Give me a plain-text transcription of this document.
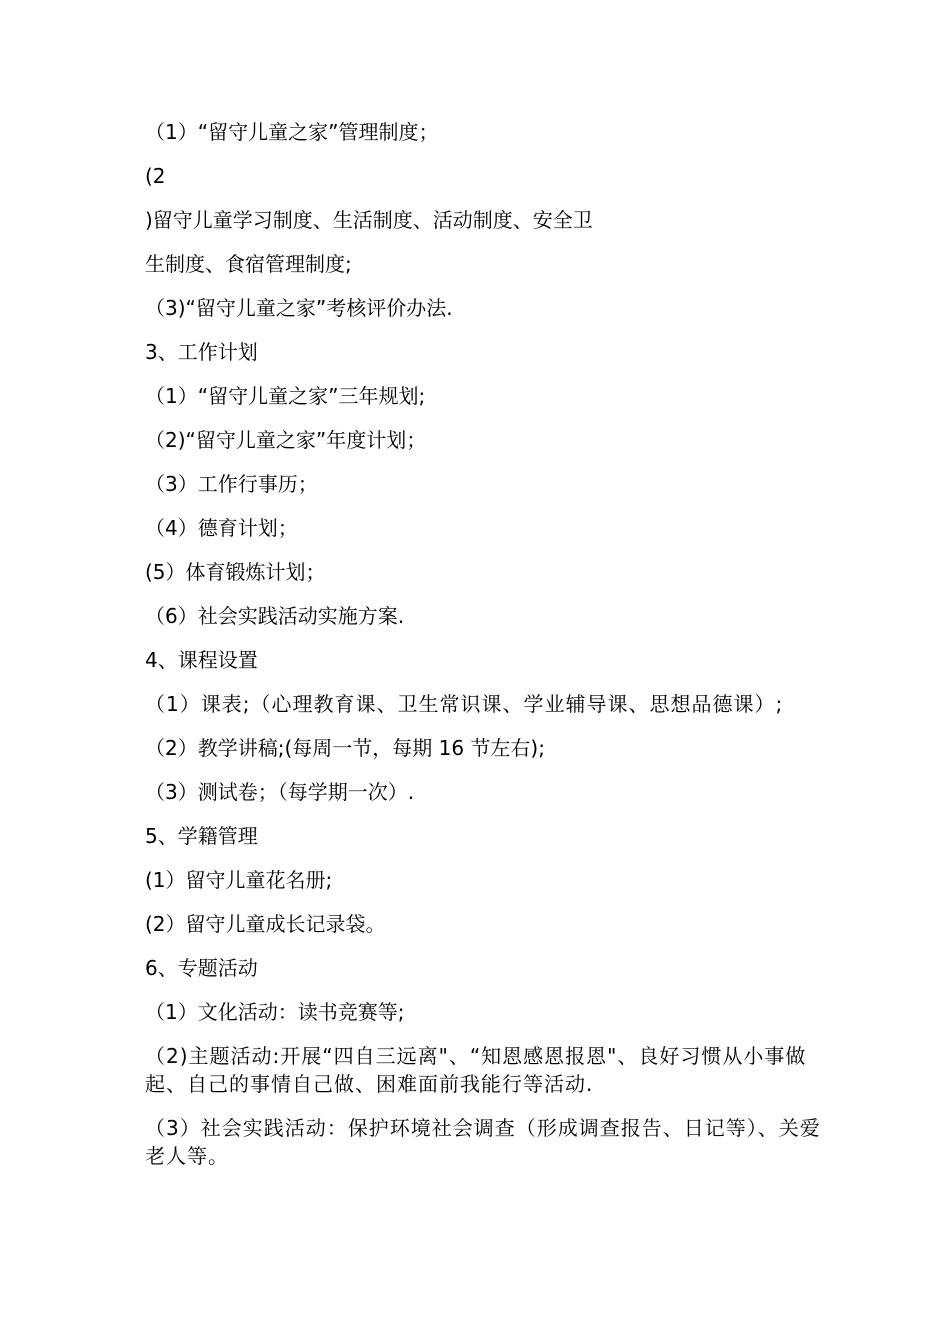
（1）“留守儿童之家”管理制度；

(2

)留守儿童学习制度、生活制度、活动制度、安全卫

生制度、食宿管理制度;

（3)“留守儿童之家”考核评价办法.

3、工作计划

（1）“留守儿童之家”三年规划;

（2)“留守儿童之家”年度计划；

（3）工作行事历；

（4）德育计划；

(5）体育锻炼计划；

（6）社会实践活动实施方案.

4、课程设置

（1）课表;（心理教育课、卫生常识课、学业辅导课、思想品德课）;

（2）教学讲稿;(每周一节，每期 16 节左右);

（3）测试卷；（每学期一次）.

5、学籍管理

(1）留守儿童花名册;

(2）留守儿童成长记录袋。

6、专题活动

（1）文化活动：读书竞赛等;

（2)主题活动:开展“四自三远离"、“知恩感恩报恩"、良好习惯从小事做起、自己的事情自己做、困难面前我能行等活动.

（3）社会实践活动：保护环境社会调查（形成调查报告、日记等）、关爱老人等。
